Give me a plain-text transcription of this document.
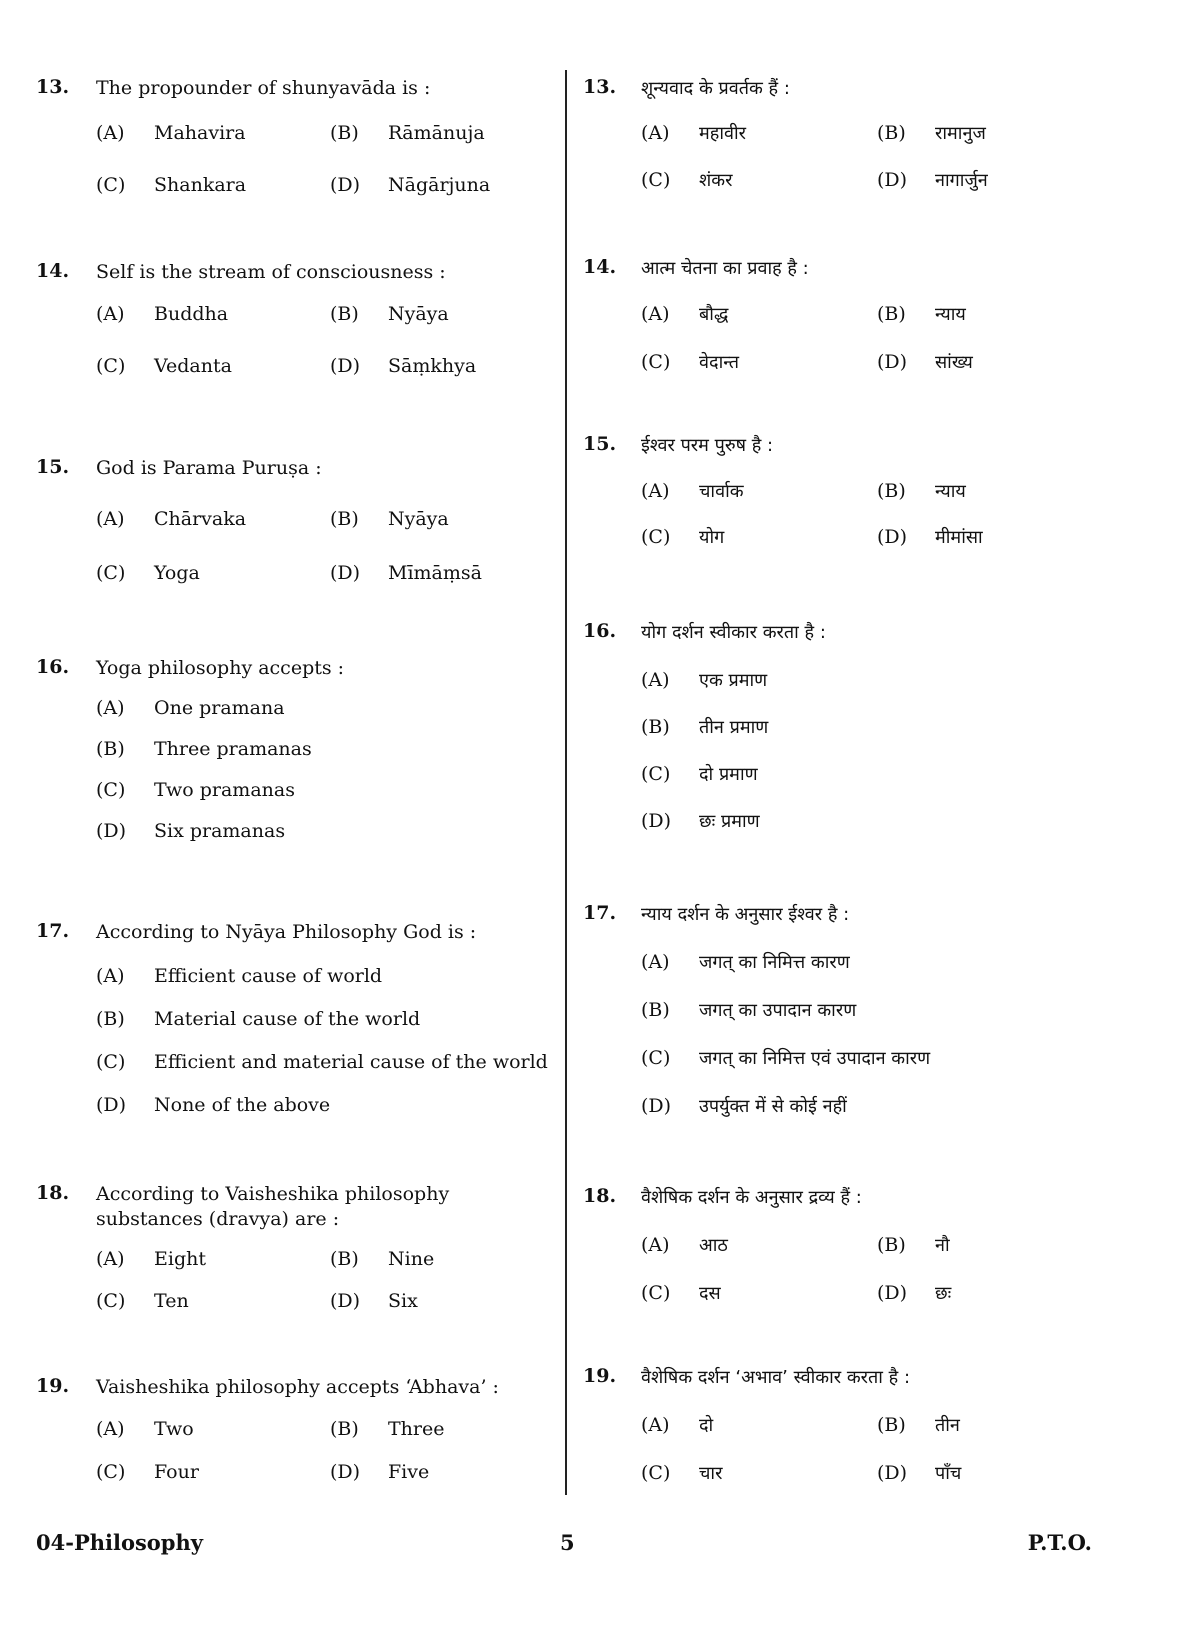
13. The propounder of shunyavāda is :
(A) Mahavira	(B) Rāmānuja
(C) Shankara	(D) Nāgārjuna
14. Self is the stream of consciousness :
(A) Buddha	(B) Nyāya
(C) Vedanta	(D) Sāṃkhya
15. God is Parama Puruṣa :
(A) Chārvaka	(B) Nyāya
(C) Yoga	(D) Mīmāṃsā
16. Yoga philosophy accepts :
(A) One pramana
(B) Three pramanas
(C) Two pramanas
(D) Six pramanas
17. According to Nyāya Philosophy God is :
(A) Efficient cause of world
(B) Material cause of the world
(C) Efficient and material cause of the world
(D) None of the above
18. According to Vaisheshika philosophy substances (dravya) are :
(A) Eight	(B) Nine
(C) Ten	(D) Six
19. Vaisheshika philosophy accepts ‘Abhava’ :
(A) Two	(B) Three
(C) Four	(D) Five
13. शून्यवाद के प्रवर्तक हैं :
(A) महावीर	(B) रामानुज
(C) शंकर	(D) नागार्जुन
14. आत्म चेतना का प्रवाह है :
(A) बौद्ध	(B) न्याय
(C) वेदान्त	(D) सांख्य
15. ईश्वर परम पुरुष है :
(A) चार्वाक	(B) न्याय
(C) योग	(D) मीमांसा
16. योग दर्शन स्वीकार करता है :
(A) एक प्रमाण
(B) तीन प्रमाण
(C) दो प्रमाण
(D) छः प्रमाण
17. न्याय दर्शन के अनुसार ईश्वर है :
(A) जगत् का निमित्त कारण
(B) जगत् का उपादान कारण
(C) जगत् का निमित्त एवं उपादान कारण
(D) उपर्युक्त में से कोई नहीं
18. वैशेषिक दर्शन के अनुसार द्रव्य हैं :
(A) आठ	(B) नौ
(C) दस	(D) छः
19. वैशेषिक दर्शन ‘अभाव’ स्वीकार करता है :
(A) दो	(B) तीन
(C) चार	(D) पाँच
04-Philosophy	5	P.T.O.
